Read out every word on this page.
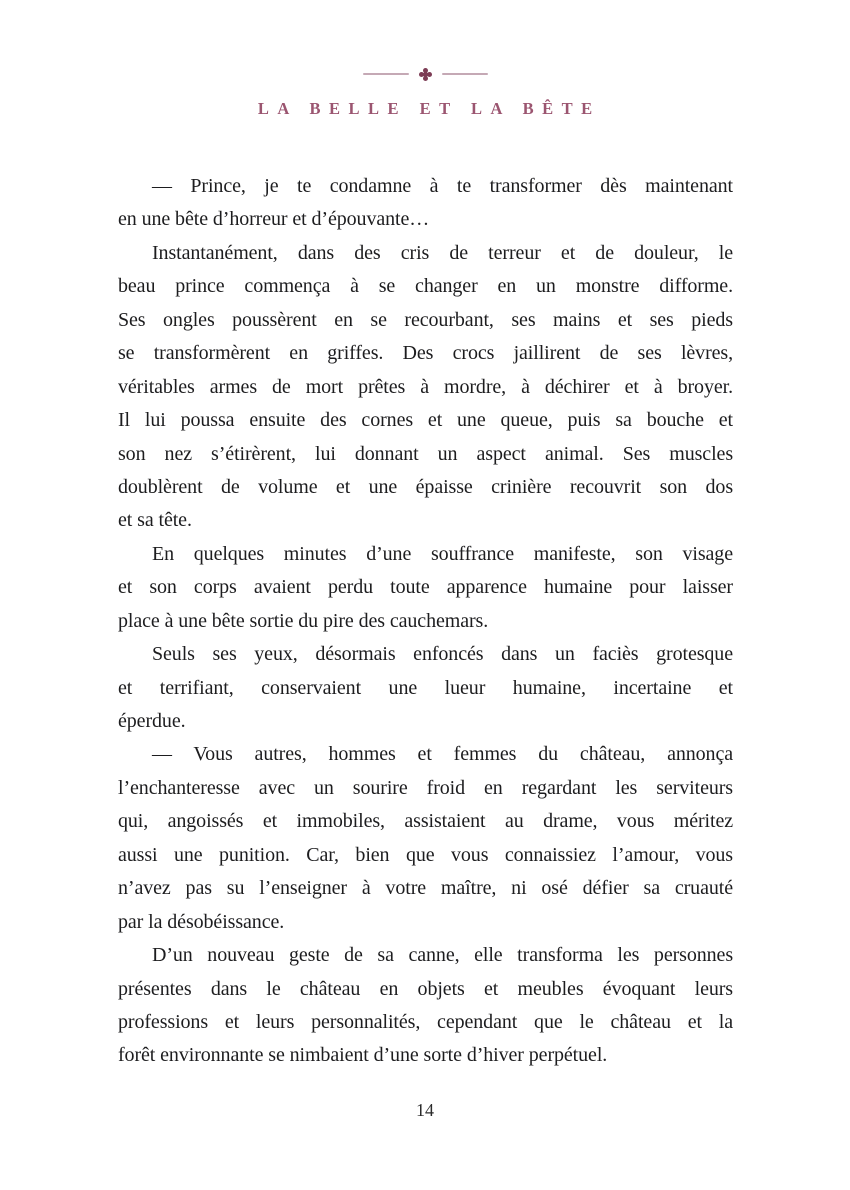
LA BELLE ET LA BÊTE
— Prince, je te condamne à te transformer dès maintenant
en une bête d’horreur et d’épouvante…
Instantanément, dans des cris de terreur et de douleur, le
beau prince commença à se changer en un monstre difforme.
Ses ongles poussèrent en se recourbant, ses mains et ses pieds
se transformèrent en griffes. Des crocs jaillirent de ses lèvres,
véritables armes de mort prêtes à mordre, à déchirer et à broyer.
Il lui poussa ensuite des cornes et une queue, puis sa bouche et
son nez s’étirèrent, lui donnant un aspect animal. Ses muscles
doublèrent de volume et une épaisse crinière recouvrit son dos
et sa tête.
En quelques minutes d’une souffrance manifeste, son visage
et son corps avaient perdu toute apparence humaine pour laisser
place à une bête sortie du pire des cauchemars.
Seuls ses yeux, désormais enfoncés dans un faciès grotesque
et terrifiant, conservaient une lueur humaine, incertaine et
éperdue.
— Vous autres, hommes et femmes du château, annonça
l’enchanteresse avec un sourire froid en regardant les serviteurs
qui, angoissés et immobiles, assistaient au drame, vous méritez
aussi une punition. Car, bien que vous connaissiez l’amour, vous
n’avez pas su l’enseigner à votre maître, ni osé défier sa cruauté
par la désobéissance.
D’un nouveau geste de sa canne, elle transforma les personnes
présentes dans le château en objets et meubles évoquant leurs
professions et leurs personnalités, cependant que le château et la
forêt environnante se nimbaient d’une sorte d’hiver perpétuel.
14
